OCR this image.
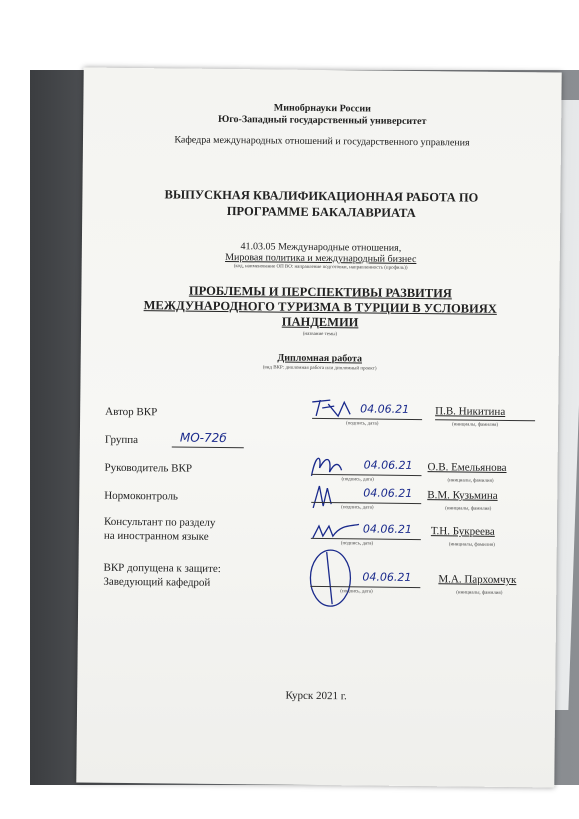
Минобрнауки России
Юго-Западный государственный университет
Кафедра международных отношений и государственного управления
ВЫПУСКНАЯ КВАЛИФИКАЦИОННАЯ РАБОТА ПО
ПРОГРАММЕ БАКАЛАВРИАТА
41.03.05 Международные отношения,
Мировая политика и международный бизнес
(код, наименование ОП ВО: направление подготовки, направленность (профиль))
ПРОБЛЕМЫ И ПЕРСПЕКТИВЫ РАЗВИТИЯ
МЕЖДУНАРОДНОГО ТУРИЗМА В ТУРЦИИ В УСЛОВИЯХ
ПАНДЕМИИ
(название темы)
Дипломная работа
(вид ВКР: дипломная работа или дипломный проект)
Автор ВКР	04.06.21
(подпись, дата)
П.В. Никитина
(инициалы, фамилия)
Группа	МО-72б
Руководитель ВКР	04.06.21
(подпись, дата)
О.В. Емельянова
(инициалы, фамилия)
Нормоконтроль	04.06.21
(подпись, дата)
В.М. Кузьмина
(инициалы, фамилия)
Консультант по разделу
на иностранном языке
04.06.21
(подпись, дата)
Т.Н. Букреева
(инициалы, фамилия)
ВКР допущена к защите:
Заведующий кафедрой	04.06.21
(подпись, дата)
М.А. Пархомчук
(инициалы, фамилия)
Курск 2021 г.
